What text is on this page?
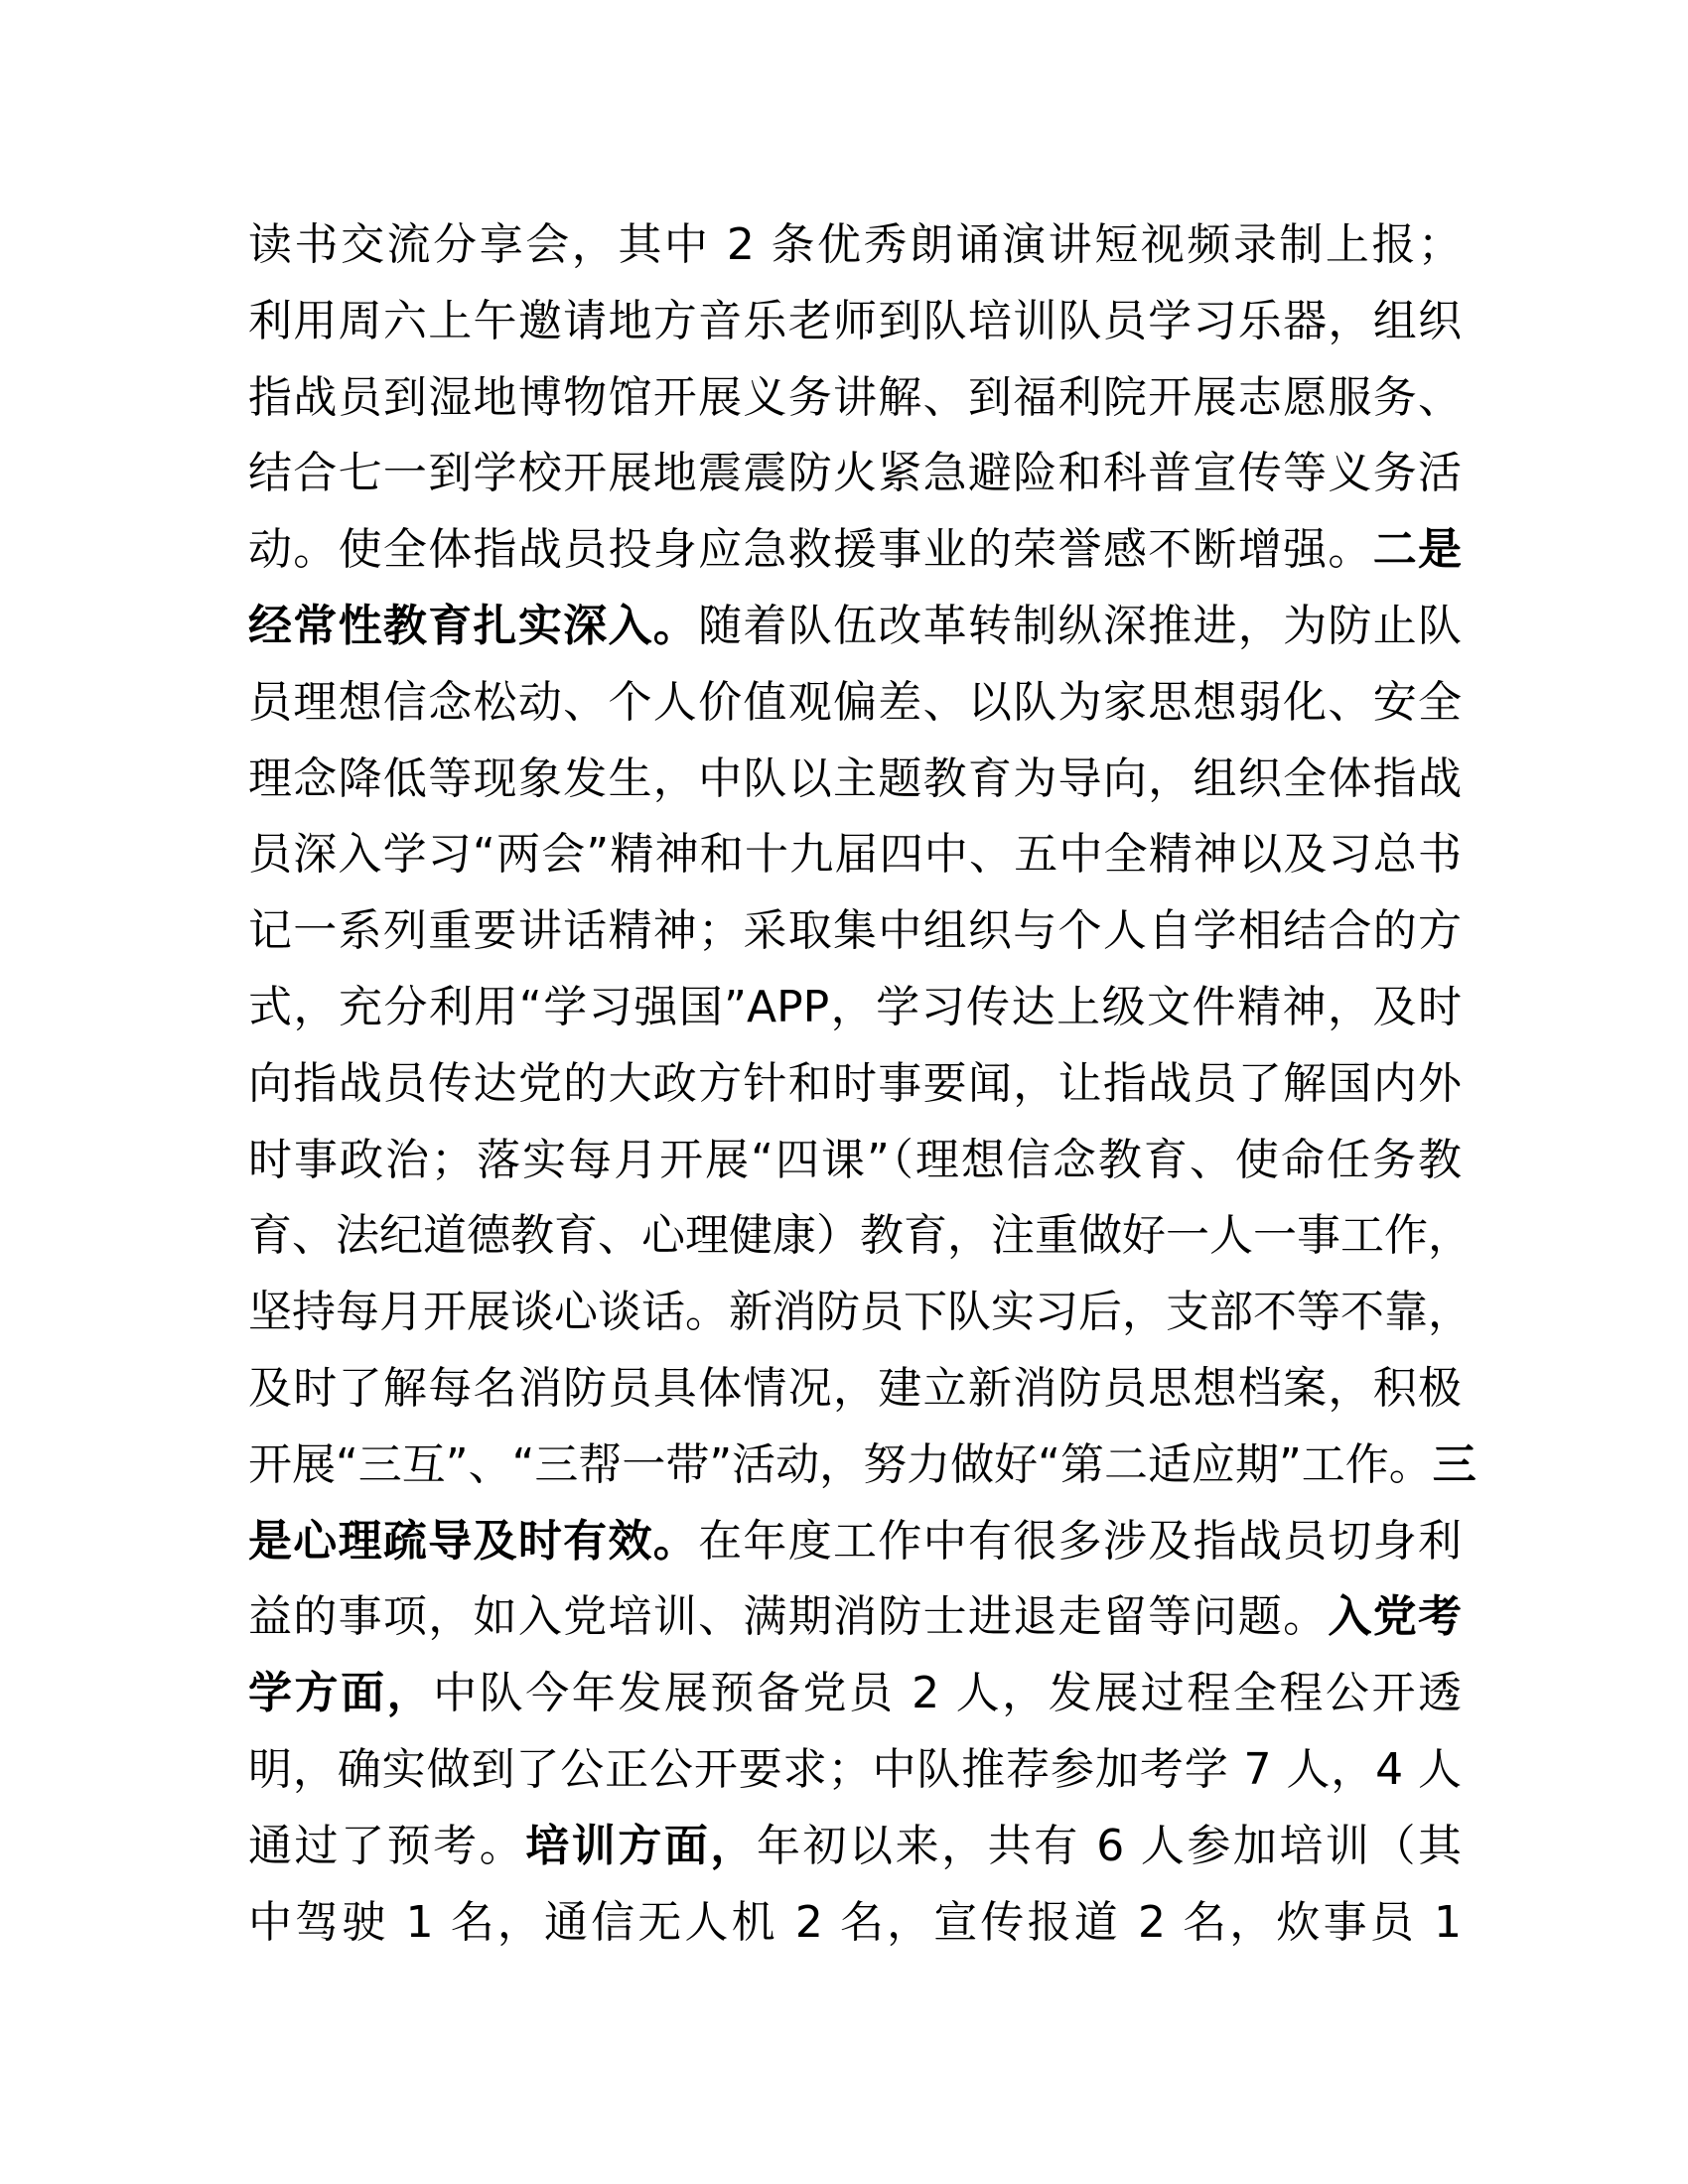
读书交流分享会，其中 2 条优秀朗诵演讲短视频录制上报；
利用周六上午邀请地方音乐老师到队培训队员学习乐器，组织
指战员到湿地博物馆开展义务讲解、到福利院开展志愿服务、
结合七一到学校开展地震震防火紧急避险和科普宣传等义务活
动。使全体指战员投身应急救援事业的荣誉感不断增强。二是
经常性教育扎实深入。随着队伍改革转制纵深推进，为防止队
员理想信念松动、个人价值观偏差、以队为家思想弱化、安全
理念降低等现象发生，中队以主题教育为导向，组织全体指战
员深入学习“两会”精神和十九届四中、五中全精神以及习总书
记一系列重要讲话精神；采取集中组织与个人自学相结合的方
式，充分利用“学习强国”APP，学习传达上级文件精神，及时
向指战员传达党的大政方针和时事要闻，让指战员了解国内外
时事政治；落实每月开展“四课”（理想信念教育、使命任务教
育、法纪道德教育、心理健康）教育，注重做好一人一事工作，
坚持每月开展谈心谈话。新消防员下队实习后，支部不等不靠，
及时了解每名消防员具体情况，建立新消防员思想档案，积极
开展“三互”、“三帮一带”活动，努力做好“第二适应期”工作。三
是心理疏导及时有效。在年度工作中有很多涉及指战员切身利
益的事项，如入党培训、满期消防士进退走留等问题。入党考
学方面，中队今年发展预备党员 2 人，发展过程全程公开透
明，确实做到了公正公开要求；中队推荐参加考学 7 人，4 人
通过了预考。培训方面，年初以来，共有 6 人参加培训（其
中驾驶 1 名，通信无人机 2 名，宣传报道 2 名，炊事员 1
